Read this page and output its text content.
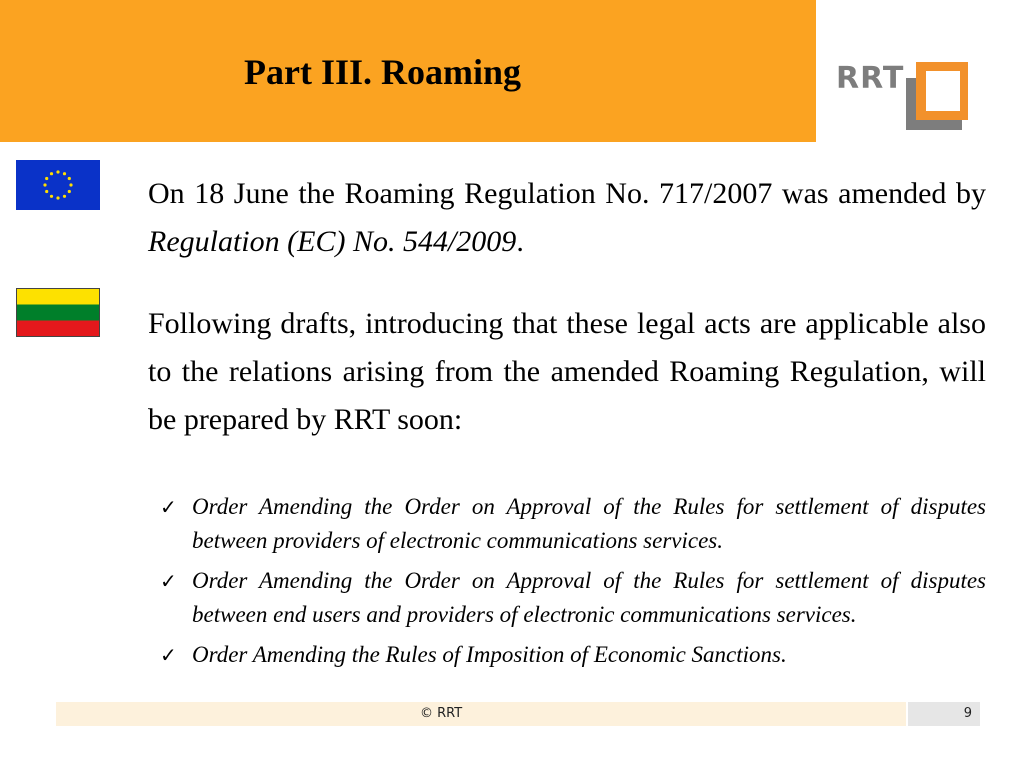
Part III. Roaming	RRT
On 18 June the Roaming Regulation No. 717/2007 was amended by Regulation (EC) No. 544/2009.
Following drafts, introducing that these legal acts are applicable also to the relations arising from the amended Roaming Regulation, will be prepared by RRT soon:
✓ Order Amending the Order on Approval of the Rules for settlement of disputes between providers of electronic communications services.
✓ Order Amending the Order on Approval of the Rules for settlement of disputes between end users and providers of electronic communications services.
✓ Order Amending the Rules of Imposition of Economic Sanctions.
© RRT	9
